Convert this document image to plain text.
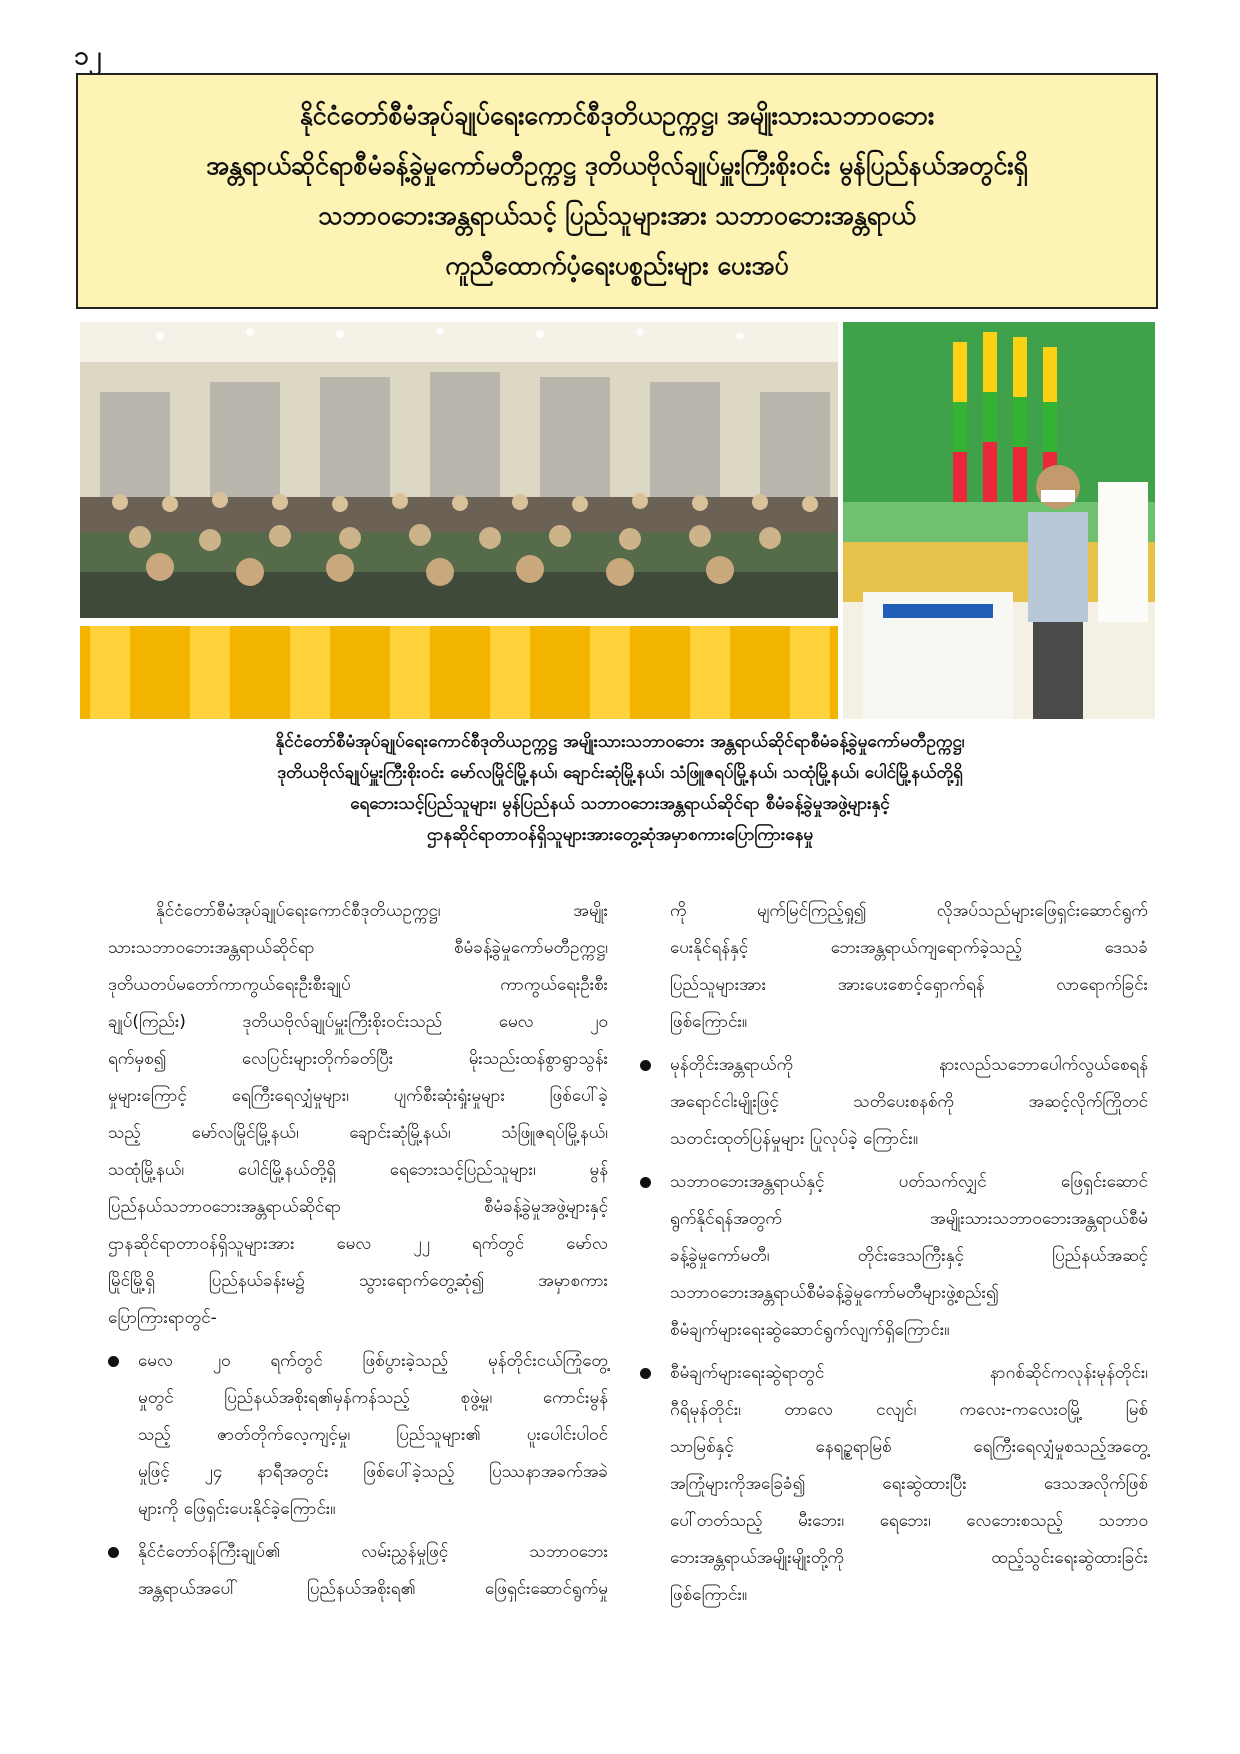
၁၂
နိုင်ငံတော်စီမံအုပ်ချုပ်ရေးကောင်စီဒုတိယဥက္ကဋ္ဌ၊ အမျိုးသားသဘာဝဘေး
အန္တရာယ်ဆိုင်ရာစီမံခန့်ခွဲမှုကော်မတီဥက္ကဋ္ဌ ဒုတိယဗိုလ်ချုပ်မှူးကြီးစိုးဝင်း မွန်ပြည်နယ်အတွင်းရှိ
သဘာဝဘေးအန္တရာယ်သင့် ပြည်သူများအား သဘာဝဘေးအန္တရာယ်
ကူညီထောက်ပံ့ရေးပစ္စည်းများ ပေးအပ်
နိုင်ငံတော်စီမံအုပ်ချုပ်ရေးကောင်စီဒုတိယဥက္ကဋ္ဌ အမျိုးသားသဘာဝဘေး အန္တရာယ်ဆိုင်ရာစီမံခန့်ခွဲမှုကော်မတီဥက္ကဋ္ဌ၊
ဒုတိယဗိုလ်ချုပ်မှူးကြီးစိုးဝင်း မော်လမြိုင်မြို့နယ်၊ ချောင်းဆုံမြို့နယ်၊ သံဖြူဇရပ်မြို့နယ်၊ သထုံမြို့နယ်၊ ပေါင်မြို့နယ်တို့ရှိ
ရေဘေးသင့်ပြည်သူများ၊ မွန်ပြည်နယ် သဘာဝဘေးအန္တရာယ်ဆိုင်ရာ စီမံခန့်ခွဲမှုအဖွဲ့များနှင့်
ဌာနဆိုင်ရာတာဝန်ရှိသူများအားတွေ့ဆုံအမှာစကားပြောကြားနေမှု
နိုင်ငံတော်စီမံအုပ်ချုပ်ရေးကောင်စီဒုတိယဥက္ကဋ္ဌ၊ အမျိုး
သားသဘာဝဘေးအန္တရာယ်ဆိုင်ရာ စီမံခန့်ခွဲမှုကော်မတီဥက္ကဋ္ဌ၊
ဒုတိယတပ်မတော်ကာကွယ်ရေးဦးစီးချုပ် ကာကွယ်ရေးဦးစီး
ချုပ်(ကြည်း) ဒုတိယဗိုလ်ချုပ်မှူးကြီးစိုးဝင်းသည် မေလ ၂၀
ရက်မှစ၍ လေပြင်းများတိုက်ခတ်ပြီး မိုးသည်းထန်စွာရွာသွန်း
မှုများကြောင့် ရေကြီးရေလျှံမှုများ၊ ပျက်စီးဆုံးရှုံးမှုများ ဖြစ်ပေါ်ခဲ့
သည့် မော်လမြိုင်မြို့နယ်၊ ချောင်းဆုံမြို့နယ်၊ သံဖြူဇရပ်မြို့နယ်၊
သထုံမြို့နယ်၊ ပေါင်မြို့နယ်တို့ရှိ ရေဘေးသင့်ပြည်သူများ၊ မွန်
ပြည်နယ်သဘာဝဘေးအန္တရာယ်ဆိုင်ရာ စီမံခန့်ခွဲမှုအဖွဲ့များနှင့်
ဌာနဆိုင်ရာတာဝန်ရှိသူများအား မေလ ၂၂ ရက်တွင် မော်လ
မြိုင်မြို့ရှိ ပြည်နယ်ခန်းမ၌ သွားရောက်တွေ့ဆုံ၍ အမှာစကား
ပြောကြားရာတွင်-
မေလ ၂၀ ရက်တွင် ဖြစ်ပွားခဲ့သည့် မုန်တိုင်းငယ်ကြုံတွေ့
မှုတွင် ပြည်နယ်အစိုးရ၏မှန်ကန်သည့် စုဖွဲ့မှု၊ ကောင်းမွန်
သည့် ဇာတ်တိုက်လေ့ကျင့်မှု၊ ပြည်သူများ၏ ပူးပေါင်းပါဝင်
မှုဖြင့် ၂၄ နာရီအတွင်း ဖြစ်ပေါ်ခဲ့သည့် ပြဿနာအခက်အခဲ
များကို ဖြေရှင်းပေးနိုင်ခဲ့ကြောင်း။
နိုင်ငံတော်ဝန်ကြီးချုပ်၏ လမ်းညွှန်မှုဖြင့် သဘာဝဘေး
အန္တရာယ်အပေါ် ပြည်နယ်အစိုးရ၏ ဖြေရှင်းဆောင်ရွက်မှု
ကို မျက်မြင်ကြည့်ရှု၍ လိုအပ်သည်များဖြေရှင်းဆောင်ရွက်
ပေးနိုင်ရန်နှင့် ဘေးအန္တရာယ်ကျရောက်ခဲ့သည့် ဒေသခံ
ပြည်သူများအား အားပေးစောင့်ရှောက်ရန် လာရောက်ခြင်း
ဖြစ်ကြောင်း။
မုန်တိုင်းအန္တရာယ်ကို နားလည်သဘောပေါက်လွယ်စေရန်
အရောင်ငါးမျိုးဖြင့် သတိပေးစနစ်ကို အဆင့်လိုက်ကြိုတင်
သတင်းထုတ်ပြန်မှုများ ပြုလုပ်ခဲ့ ကြောင်း။
သဘာဝဘေးအန္တရာယ်နှင့် ပတ်သက်လျှင် ဖြေရှင်းဆောင်
ရွက်နိုင်ရန်အတွက် အမျိုးသားသဘာဝဘေးအန္တရာယ်စီမံ
ခန့်ခွဲမှုကော်မတီ၊ တိုင်းဒေသကြီးနှင့် ပြည်နယ်အဆင့်
သဘာဝဘေးအန္တရာယ်စီမံခန့်ခွဲမှုကော်မတီများဖွဲ့စည်း၍
စီမံချက်များရေးဆွဲဆောင်ရွက်လျက်ရှိကြောင်း။
စီမံချက်များရေးဆွဲရာတွင် နာဂစ်ဆိုင်ကလုန်းမုန်တိုင်း၊
ဂီရိမုန်တိုင်း၊ တာလေ ငလျင်၊ ကလေး-ကလေးဝမြို့ မြစ်
သာမြစ်နှင့် နေရဥ္စရာမြစ် ရေကြီးရေလျှံမှုစသည့်အတွေ့
အကြုံများကိုအခြေခံ၍ ရေးဆွဲထားပြီး ဒေသအလိုက်ဖြစ်
ပေါ်တတ်သည့် မီးဘေး၊ ရေဘေး၊ လေဘေးစသည့် သဘာဝ
ဘေးအန္တရာယ်အမျိုးမျိုးတို့ကို ထည့်သွင်းရေးဆွဲထားခြင်း
ဖြစ်ကြောင်း။
